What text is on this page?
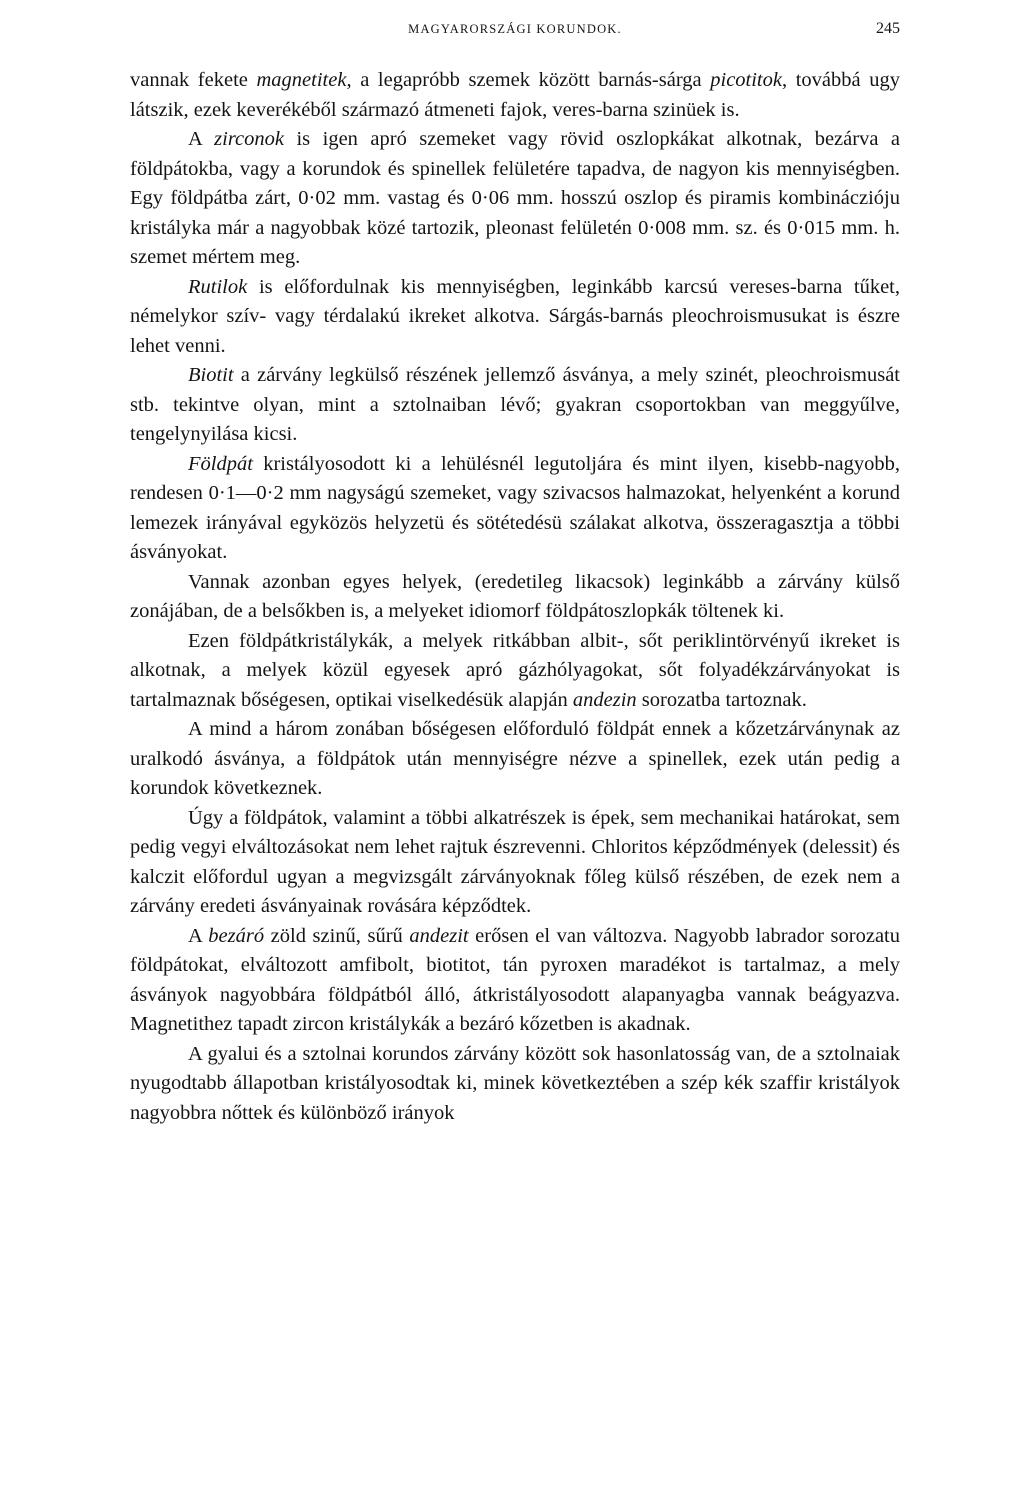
MAGYARORSZÁGI KORUNDOK.	245

vannak fekete magnetitek, a legapróbb szemek között barnás-sárga picotitok, továbbá ugy látszik, ezek keverékéből származó átmeneti fajok, veres-barna szinüek is.

A zirconok is igen apró szemeket vagy rövid oszlopkákat alkotnak, bezárva a földpátokba, vagy a korundok és spinellek felületére tapadva, de nagyon kis mennyiségben. Egy földpátba zárt, 0·02 mm. vastag és 0·06 mm. hosszú oszlop és piramis kombináczióju kristályka már a nagyobbak közé tartozik, pleonast felületén 0·008 mm. sz. és 0·015 mm. h. szemet mértem meg.

Rutilok is előfordulnak kis mennyiségben, leginkább karcsú vereses-barna tűket, némelykor szív- vagy térdalakú ikreket alkotva. Sárgás-barnás pleochroismusukat is észre lehet venni.

Biotit a zárvány legkülső részének jellemző ásványa, a mely szinét, pleochroismusát stb. tekintve olyan, mint a sztolnaiban lévő; gyakran csoportokban van meggyűlve, tengelynyilása kicsi.

Földpát kristályosodott ki a lehülésnél legutoljára és mint ilyen, kisebb-nagyobb, rendesen 0·1—0·2 mm nagyságú szemeket, vagy szivacsos halmazokat, helyenként a korund lemezek irányával egyközös helyzetü és sötétedésü szálakat alkotva, összeragasztja a többi ásványokat.

Vannak azonban egyes helyek, (eredetileg likacsok) leginkább a zárvány külső zonájában, de a belsőkben is, a melyeket idiomorf földpátoszlopkák töltenek ki.

Ezen földpátkristálykák, a melyek ritkábban albit-, sőt periklintörvényű ikreket is alkotnak, a melyek közül egyesek apró gázhólyagokat, sőt folyadékzárványokat is tartalmaznak bőségesen, optikai viselkedésük alapján andezin sorozatba tartoznak.

A mind a három zonában bőségesen előforduló földpát ennek a kőzetzárványnak az uralkodó ásványa, a földpátok után mennyiségre nézve a spinellek, ezek után pedig a korundok következnek.

Úgy a földpátok, valamint a többi alkatrészek is épek, sem mechanikai határokat, sem pedig vegyi elváltozásokat nem lehet rajtuk észrevenni. Chloritos képződmények (delessit) és kalczit előfordul ugyan a megvizsgált zárványoknak főleg külső részében, de ezek nem a zárvány eredeti ásványainak rovására képződtek.

A bezáró zöld szinű, sűrű andezit erősen el van változva. Nagyobb labrador sorozatu földpátokat, elváltozott amfibolt, biotitot, tán pyroxen maradékot is tartalmaz, a mely ásványok nagyobbára földpátból álló, átkristályosodott alapanyagba vannak beágyazva. Magnetithez tapadt zircon kristálykák a bezáró kőzetben is akadnak.

A gyalui és a sztolnai korundos zárvány között sok hasonlatosság van, de a sztolnaiak nyugodtabb állapotban kristályosodtak ki, minek következtében a szép kék szaffir kristályok nagyobbra nőttek és különböző irányok
